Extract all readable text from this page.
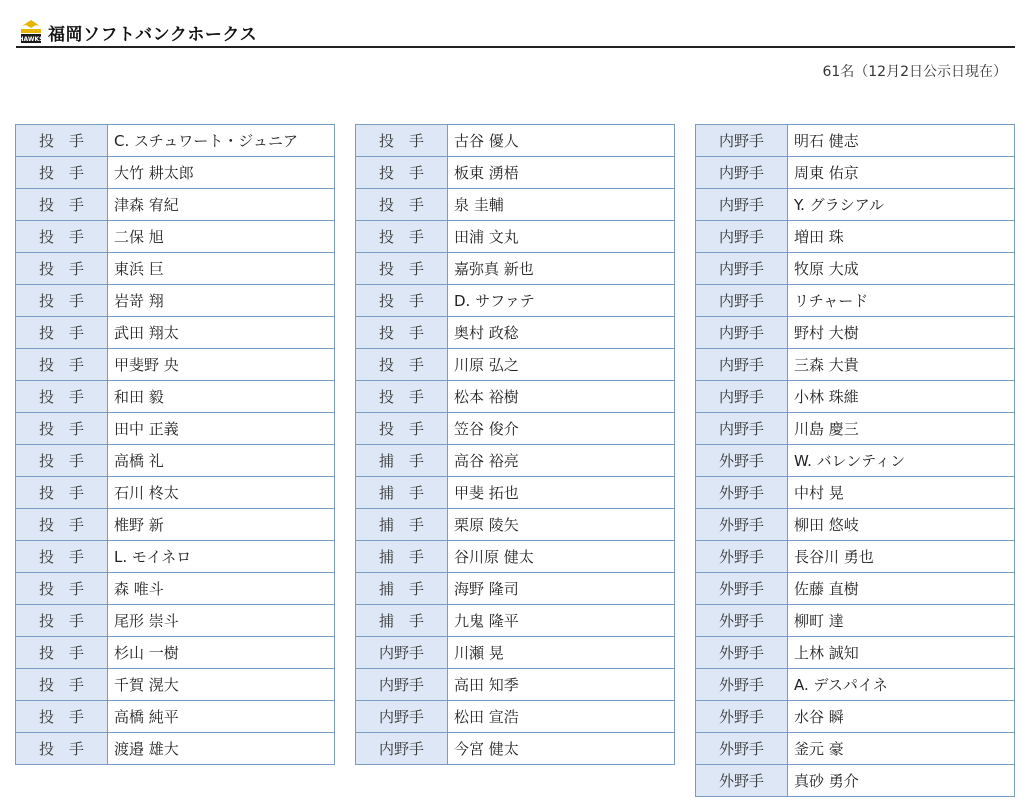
HAWKS 福岡ソフトバンクホークス
61名（12月2日公示日現在）
投　手	C. スチュワート・ジュニア
投　手	大竹 耕太郎
投　手	津森 宥紀
投　手	二保 旭
投　手	東浜 巨
投　手	岩嵜 翔
投　手	武田 翔太
投　手	甲斐野 央
投　手	和田 毅
投　手	田中 正義
投　手	高橋 礼
投　手	石川 柊太
投　手	椎野 新
投　手	L. モイネロ
投　手	森 唯斗
投　手	尾形 崇斗
投　手	杉山 一樹
投　手	千賀 滉大
投　手	高橋 純平
投　手	渡邉 雄大
投　手	古谷 優人
投　手	板東 湧梧
投　手	泉 圭輔
投　手	田浦 文丸
投　手	嘉弥真 新也
投　手	D. サファテ
投　手	奥村 政稔
投　手	川原 弘之
投　手	松本 裕樹
投　手	笠谷 俊介
捕　手	高谷 裕亮
捕　手	甲斐 拓也
捕　手	栗原 陵矢
捕　手	谷川原 健太
捕　手	海野 隆司
捕　手	九鬼 隆平
内野手	川瀬 晃
内野手	高田 知季
内野手	松田 宣浩
内野手	今宮 健太
内野手	明石 健志
内野手	周東 佑京
内野手	Y. グラシアル
内野手	増田 珠
内野手	牧原 大成
内野手	リチャード
内野手	野村 大樹
内野手	三森 大貴
内野手	小林 珠維
内野手	川島 慶三
外野手	W. バレンティン
外野手	中村 晃
外野手	柳田 悠岐
外野手	長谷川 勇也
外野手	佐藤 直樹
外野手	柳町 達
外野手	上林 誠知
外野手	A. デスパイネ
外野手	水谷 瞬
外野手	釜元 豪
外野手	真砂 勇介
